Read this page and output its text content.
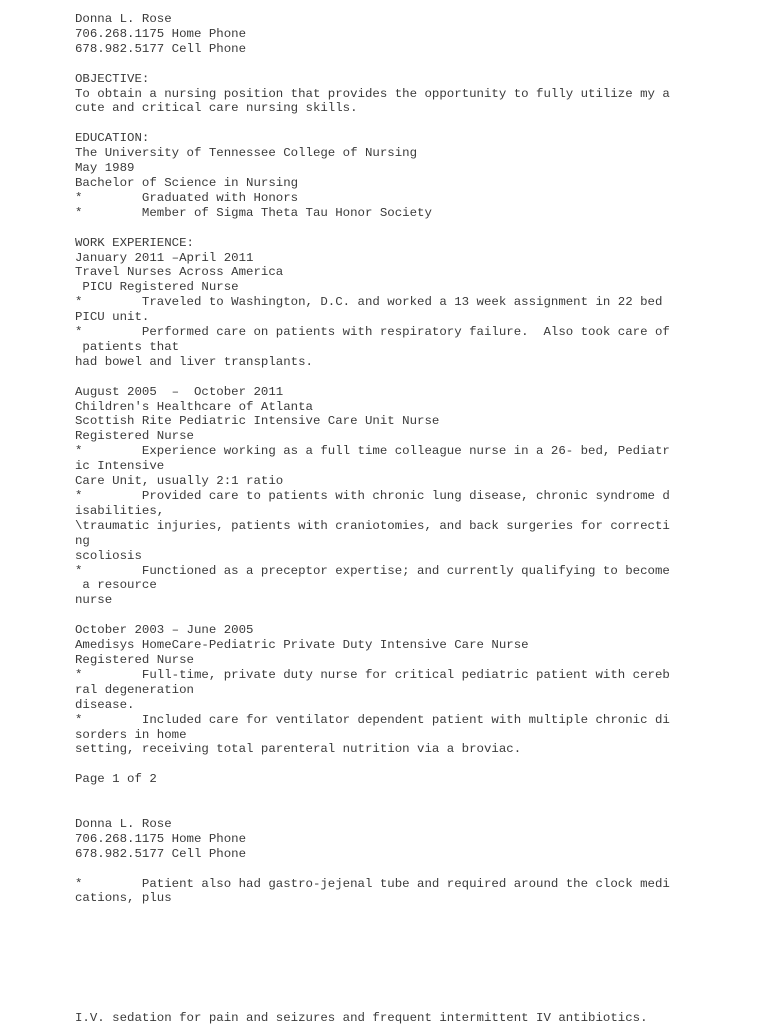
Donna L. Rose
706.268.1175 Home Phone
678.982.5177 Cell Phone
OBJECTIVE:
To obtain a nursing position that provides the opportunity to fully utilize my a
cute and critical care nursing skills.
EDUCATION:
The University of Tennessee College of Nursing
May 1989
Bachelor of Science in Nursing
*        Graduated with Honors
*        Member of Sigma Theta Tau Honor Society
WORK EXPERIENCE:
January 2011 –April 2011
Travel Nurses Across America
PICU Registered Nurse
*        Traveled to Washington, D.C. and worked a 13 week assignment in 22 bed
PICU unit.
*        Performed care on patients with respiratory failure.  Also took care of
patients that
had bowel and liver transplants.
August 2005  –  October 2011
Children's Healthcare of Atlanta
Scottish Rite Pediatric Intensive Care Unit Nurse
Registered Nurse
*        Experience working as a full time colleague nurse in a 26- bed, Pediatr
ic Intensive
Care Unit, usually 2:1 ratio
*        Provided care to patients with chronic lung disease, chronic syndrome d
isabilities,
\traumatic injuries, patients with craniotomies, and back surgeries for correcti
ng
scoliosis
*        Functioned as a preceptor expertise; and currently qualifying to become
a resource
nurse
October 2003 – June 2005
Amedisys HomeCare-Pediatric Private Duty Intensive Care Nurse
Registered Nurse
*        Full-time, private duty nurse for critical pediatric patient with cereb
ral degeneration
disease.
*        Included care for ventilator dependent patient with multiple chronic di
sorders in home
setting, receiving total parenteral nutrition via a broviac.
Page 1 of 2
Donna L. Rose
706.268.1175 Home Phone
678.982.5177 Cell Phone
*        Patient also had gastro-jejenal tube and required around the clock medi
cations, plus
I.V. sedation for pain and seizures and frequent intermittent IV antibiotics.
